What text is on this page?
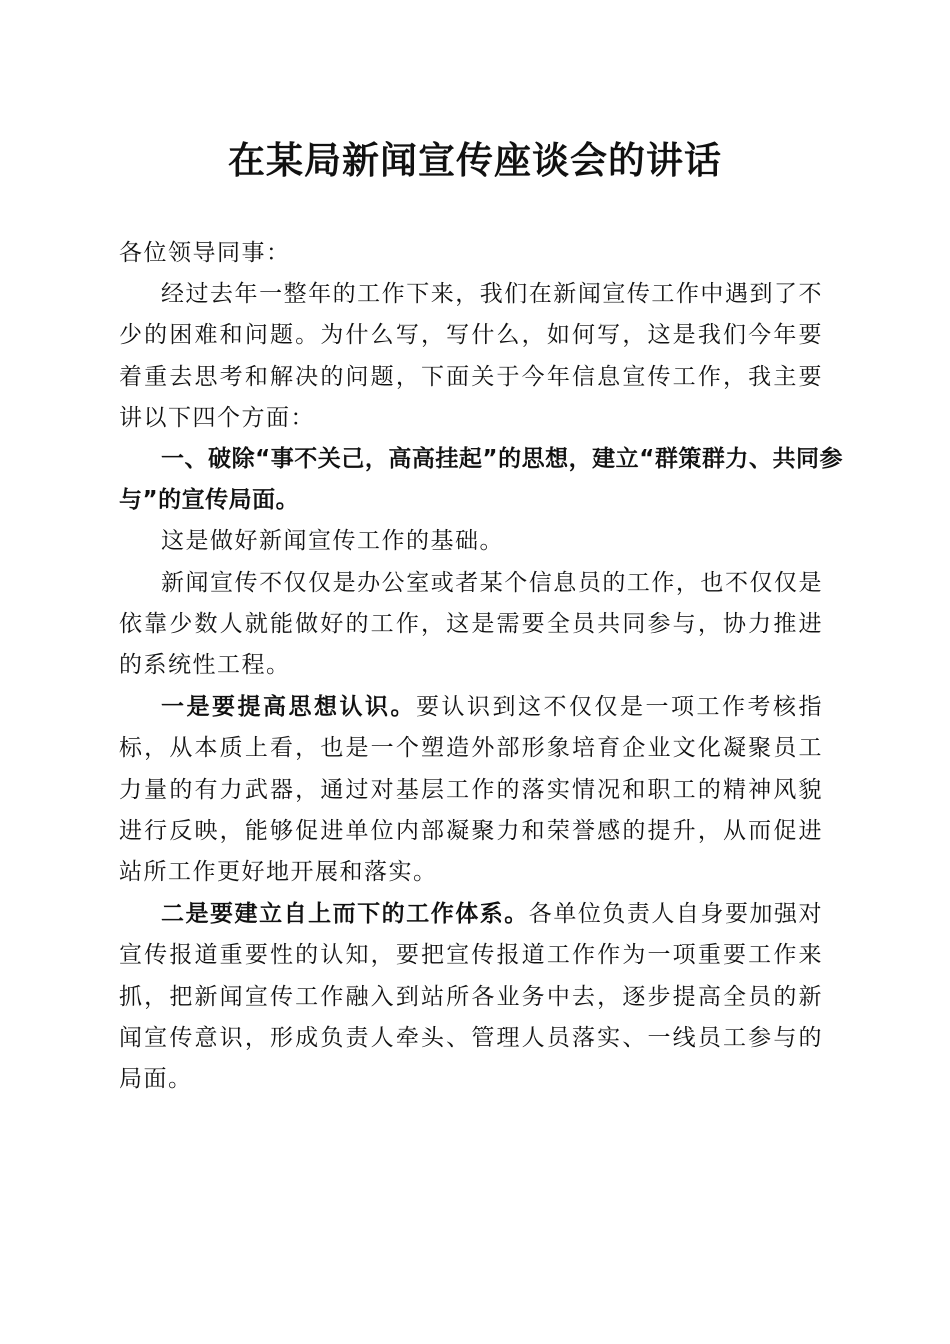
在某局新闻宣传座谈会的讲话

各位领导同事：

经过去年一整年的工作下来，我们在新闻宣传工作中遇到了不少的困难和问题。为什么写，写什么，如何写，这是我们今年要着重去思考和解决的问题，下面关于今年信息宣传工作，我主要讲以下四个方面：

一、破除“事不关己，高高挂起”的思想，建立“群策群力、共同参与”的宣传局面。

这是做好新闻宣传工作的基础。

新闻宣传不仅仅是办公室或者某个信息员的工作，也不仅仅是依靠少数人就能做好的工作，这是需要全员共同参与，协力推进的系统性工程。

一是要提高思想认识。要认识到这不仅仅是一项工作考核指标，从本质上看，也是一个塑造外部形象培育企业文化凝聚员工力量的有力武器，通过对基层工作的落实情况和职工的精神风貌进行反映，能够促进单位内部凝聚力和荣誉感的提升，从而促进站所工作更好地开展和落实。

二是要建立自上而下的工作体系。各单位负责人自身要加强对宣传报道重要性的认知，要把宣传报道工作作为一项重要工作来抓，把新闻宣传工作融入到站所各业务中去，逐步提高全员的新闻宣传意识，形成负责人牵头、管理人员落实、一线员工参与的局面。
